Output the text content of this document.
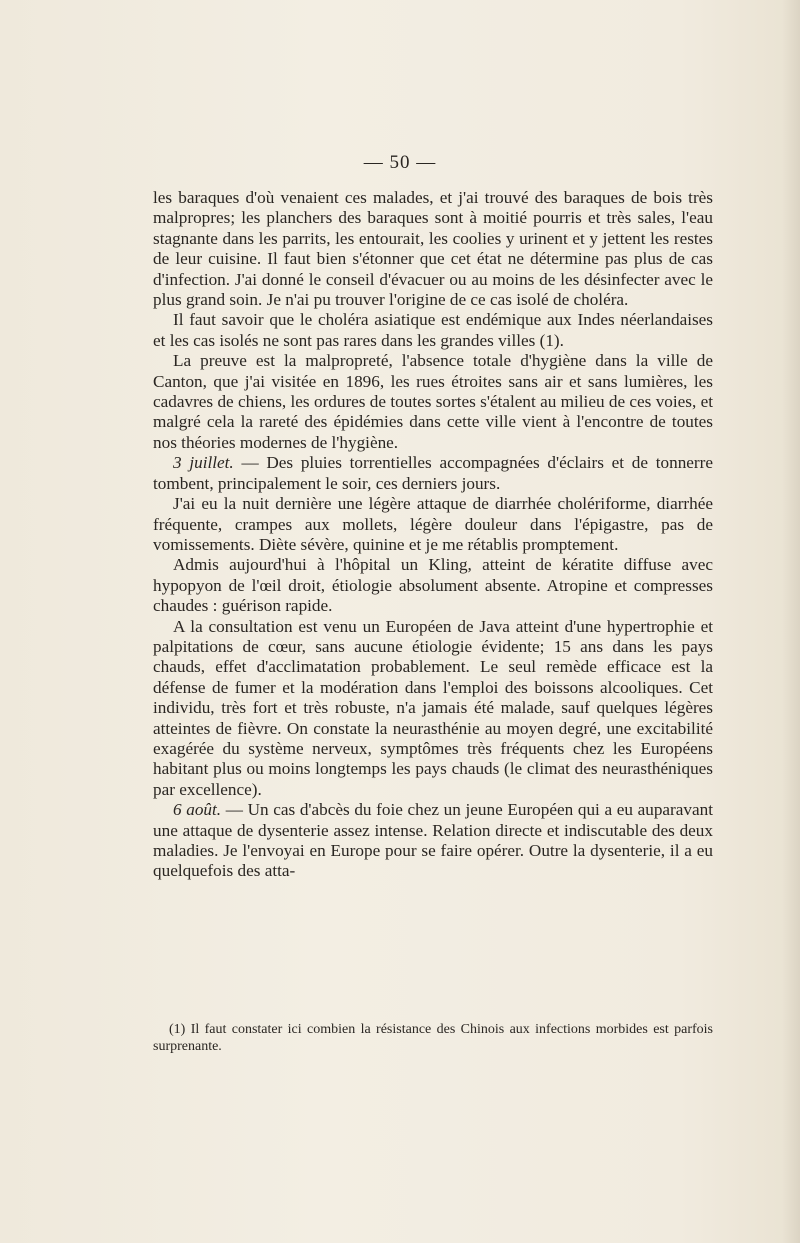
— 50 —

les baraques d'où venaient ces malades, et j'ai trouvé des baraques de bois très malpropres; les planchers des baraques sont à moitié pourris et très sales, l'eau stagnante dans les parrits, les entourait, les coolies y urinent et y jettent les restes de leur cuisine. Il faut bien s'étonner que cet état ne détermine pas plus de cas d'infection. J'ai donné le conseil d'évacuer ou au moins de les désinfecter avec le plus grand soin. Je n'ai pu trouver l'origine de ce cas isolé de choléra.

Il faut savoir que le choléra asiatique est endémique aux Indes néerlandaises et les cas isolés ne sont pas rares dans les grandes villes (1).

La preuve est la malpropreté, l'absence totale d'hygiène dans la ville de Canton, que j'ai visitée en 1896, les rues étroites sans air et sans lumières, les cadavres de chiens, les ordures de toutes sortes s'étalent au milieu de ces voies, et malgré cela la rareté des épidémies dans cette ville vient à l'encontre de toutes nos théories modernes de l'hygiène.

3 juillet. — Des pluies torrentielles accompagnées d'éclairs et de tonnerre tombent, principalement le soir, ces derniers jours.

J'ai eu la nuit dernière une légère attaque de diarrhée cholériforme, diarrhée fréquente, crampes aux mollets, légère douleur dans l'épigastre, pas de vomissements. Diète sévère, quinine et je me rétablis promptement.

Admis aujourd'hui à l'hôpital un Kling, atteint de kératite diffuse avec hypopyon de l'œil droit, étiologie absolument absente. Atropine et compresses chaudes : guérison rapide.

A la consultation est venu un Européen de Java atteint d'une hypertrophie et palpitations de cœur, sans aucune étiologie évidente; 15 ans dans les pays chauds, effet d'acclimatation probablement. Le seul remède efficace est la défense de fumer et la modération dans l'emploi des boissons alcooliques. Cet individu, très fort et très robuste, n'a jamais été malade, sauf quelques légères atteintes de fièvre. On constate la neurasthénie au moyen degré, une excitabilité exagérée du système nerveux, symptômes très fréquents chez les Européens habitant plus ou moins longtemps les pays chauds (le climat des neurasthéniques par excellence).

6 août. — Un cas d'abcès du foie chez un jeune Européen qui a eu auparavant une attaque de dysenterie assez intense. Relation directe et indiscutable des deux maladies. Je l'envoyai en Europe pour se faire opérer. Outre la dysenterie, il a eu quelquefois des atta-

(1) Il faut constater ici combien la résistance des Chinois aux infections morbides est parfois surprenante.
